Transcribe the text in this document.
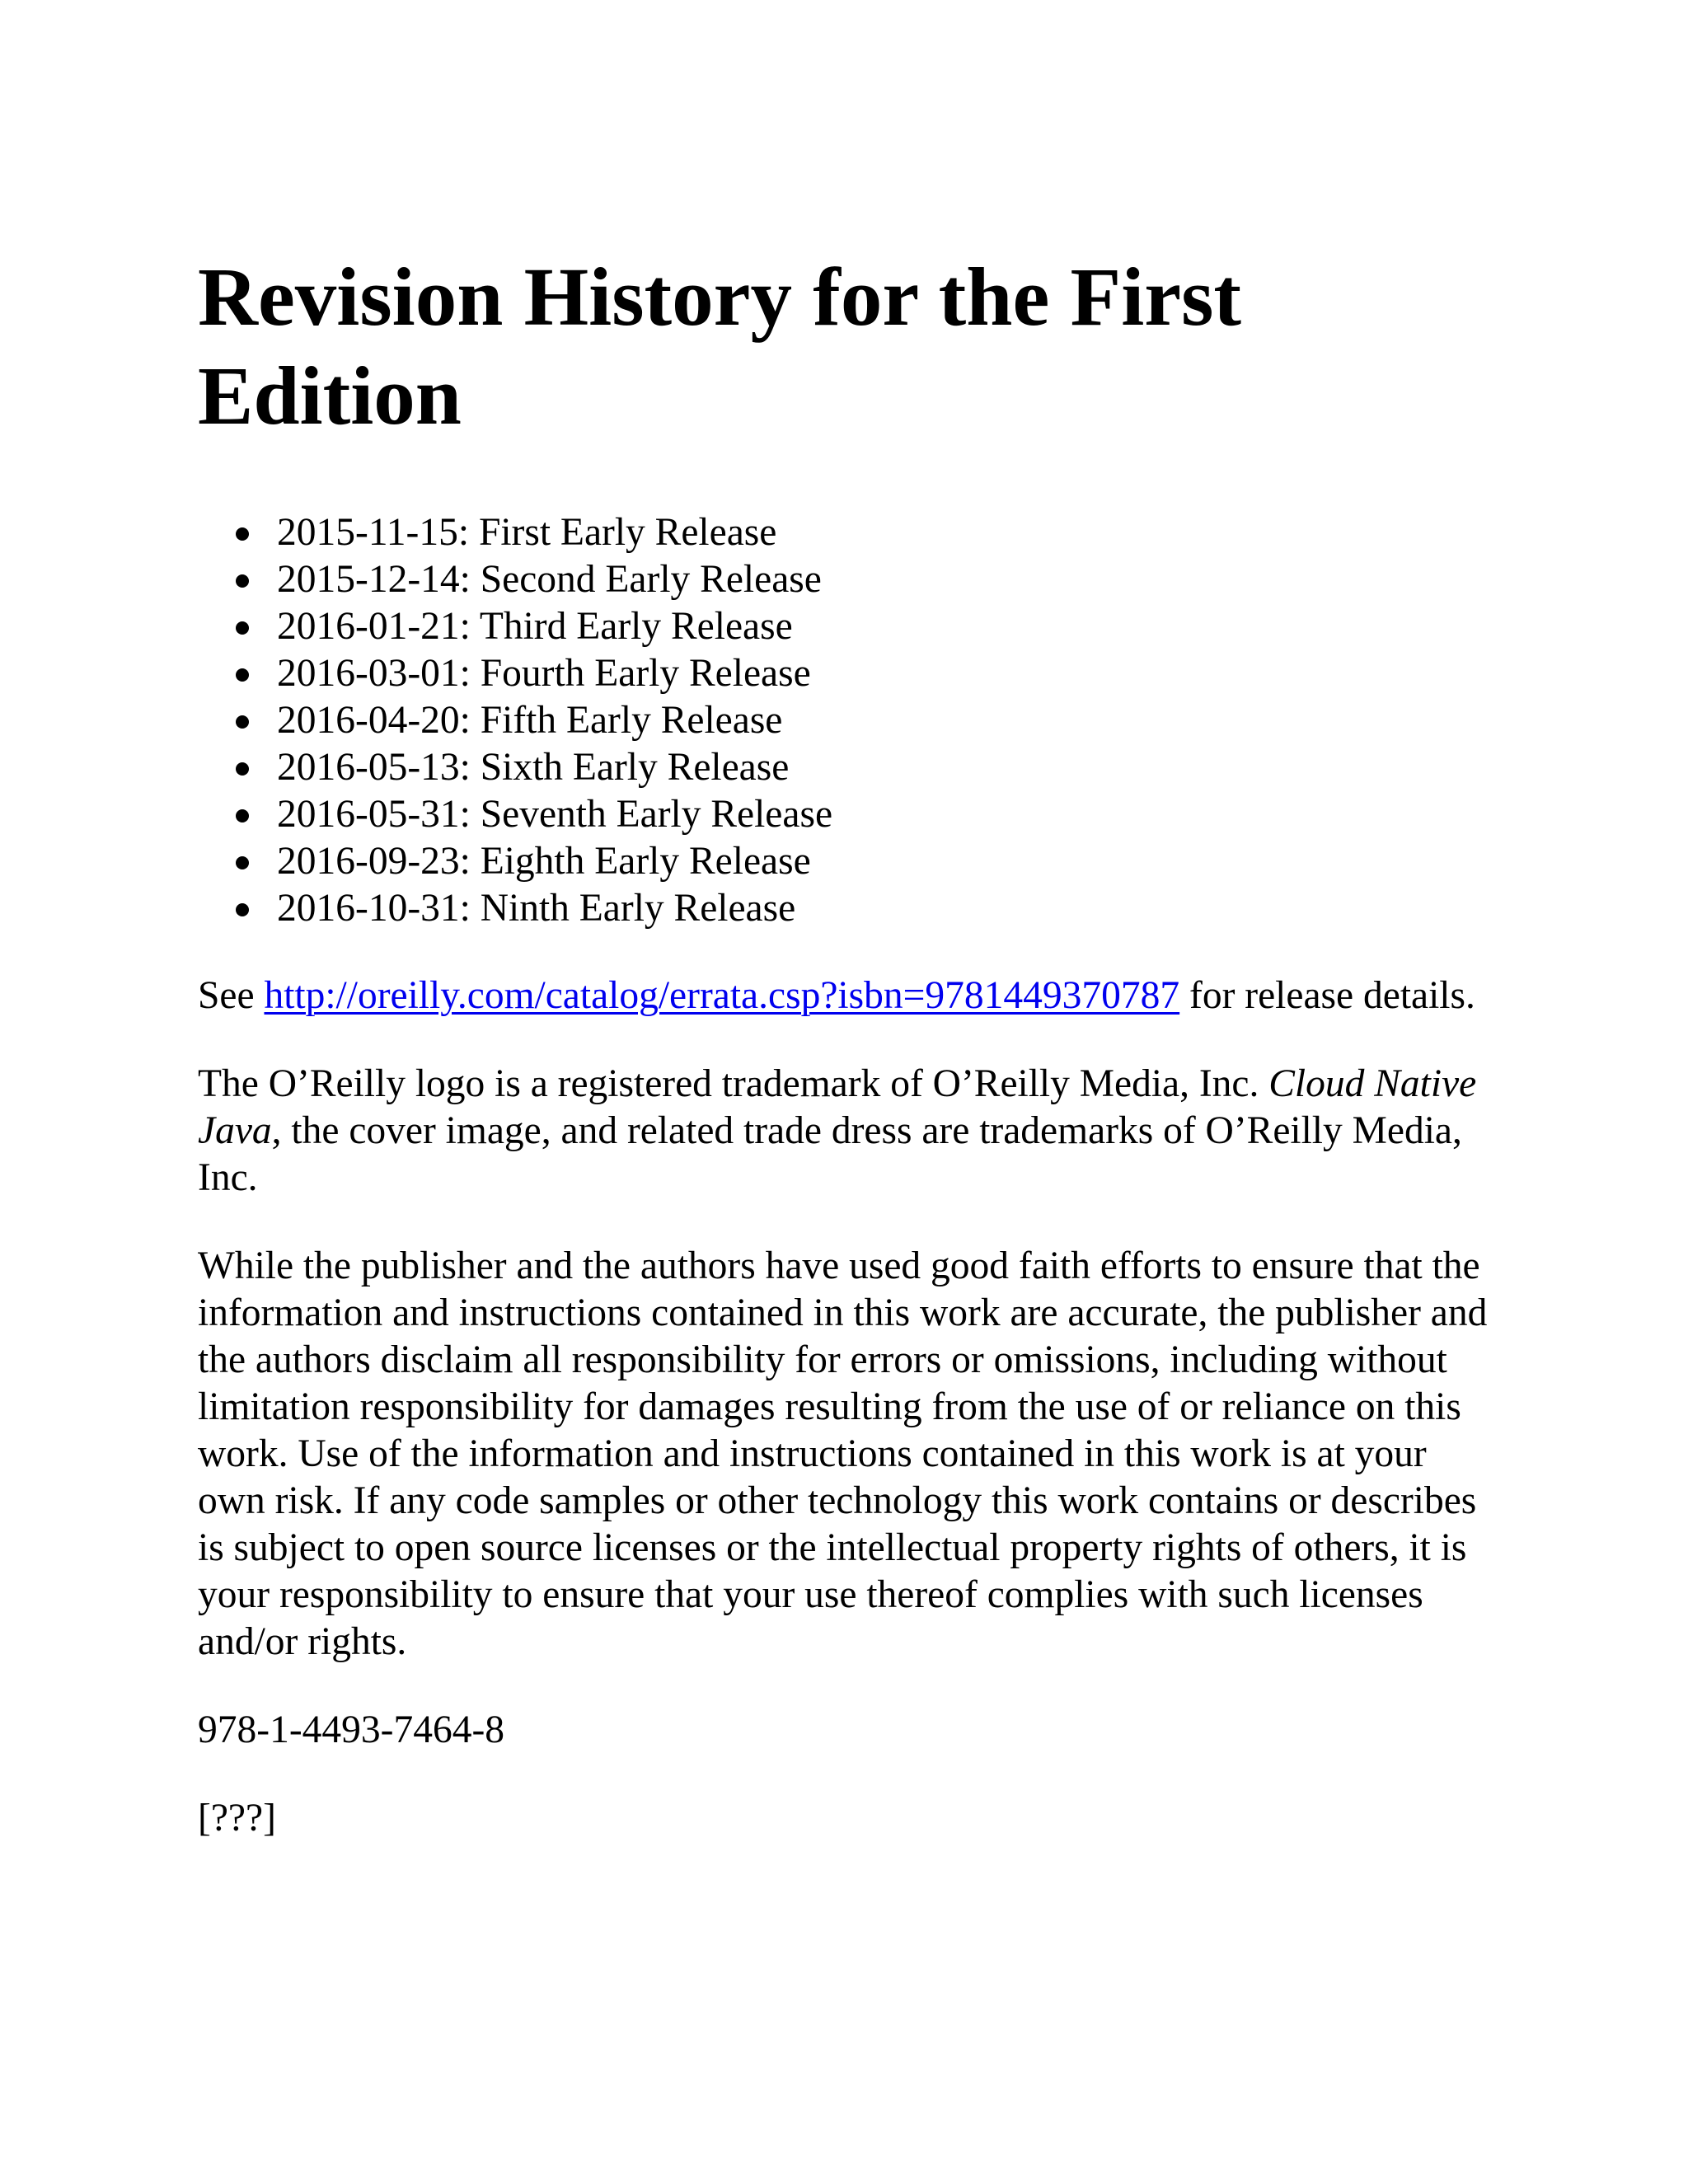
Revision History for the First Edition
2015-11-15: First Early Release
2015-12-14: Second Early Release
2016-01-21: Third Early Release
2016-03-01: Fourth Early Release
2016-04-20: Fifth Early Release
2016-05-13: Sixth Early Release
2016-05-31: Seventh Early Release
2016-09-23: Eighth Early Release
2016-10-31: Ninth Early Release

See http://oreilly.com/catalog/errata.csp?isbn=9781449370787 for release details.

The O’Reilly logo is a registered trademark of O’Reilly Media, Inc. Cloud Native Java, the cover image, and related trade dress are trademarks of O’Reilly Media, Inc.

While the publisher and the authors have used good faith efforts to ensure that the information and instructions contained in this work are accurate, the publisher and the authors disclaim all responsibility for errors or omissions, including without limitation responsibility for damages resulting from the use of or reliance on this work. Use of the information and instructions contained in this work is at your own risk. If any code samples or other technology this work contains or describes is subject to open source licenses or the intellectual property rights of others, it is your responsibility to ensure that your use thereof complies with such licenses and/or rights.

978-1-4493-7464-8

[???]
